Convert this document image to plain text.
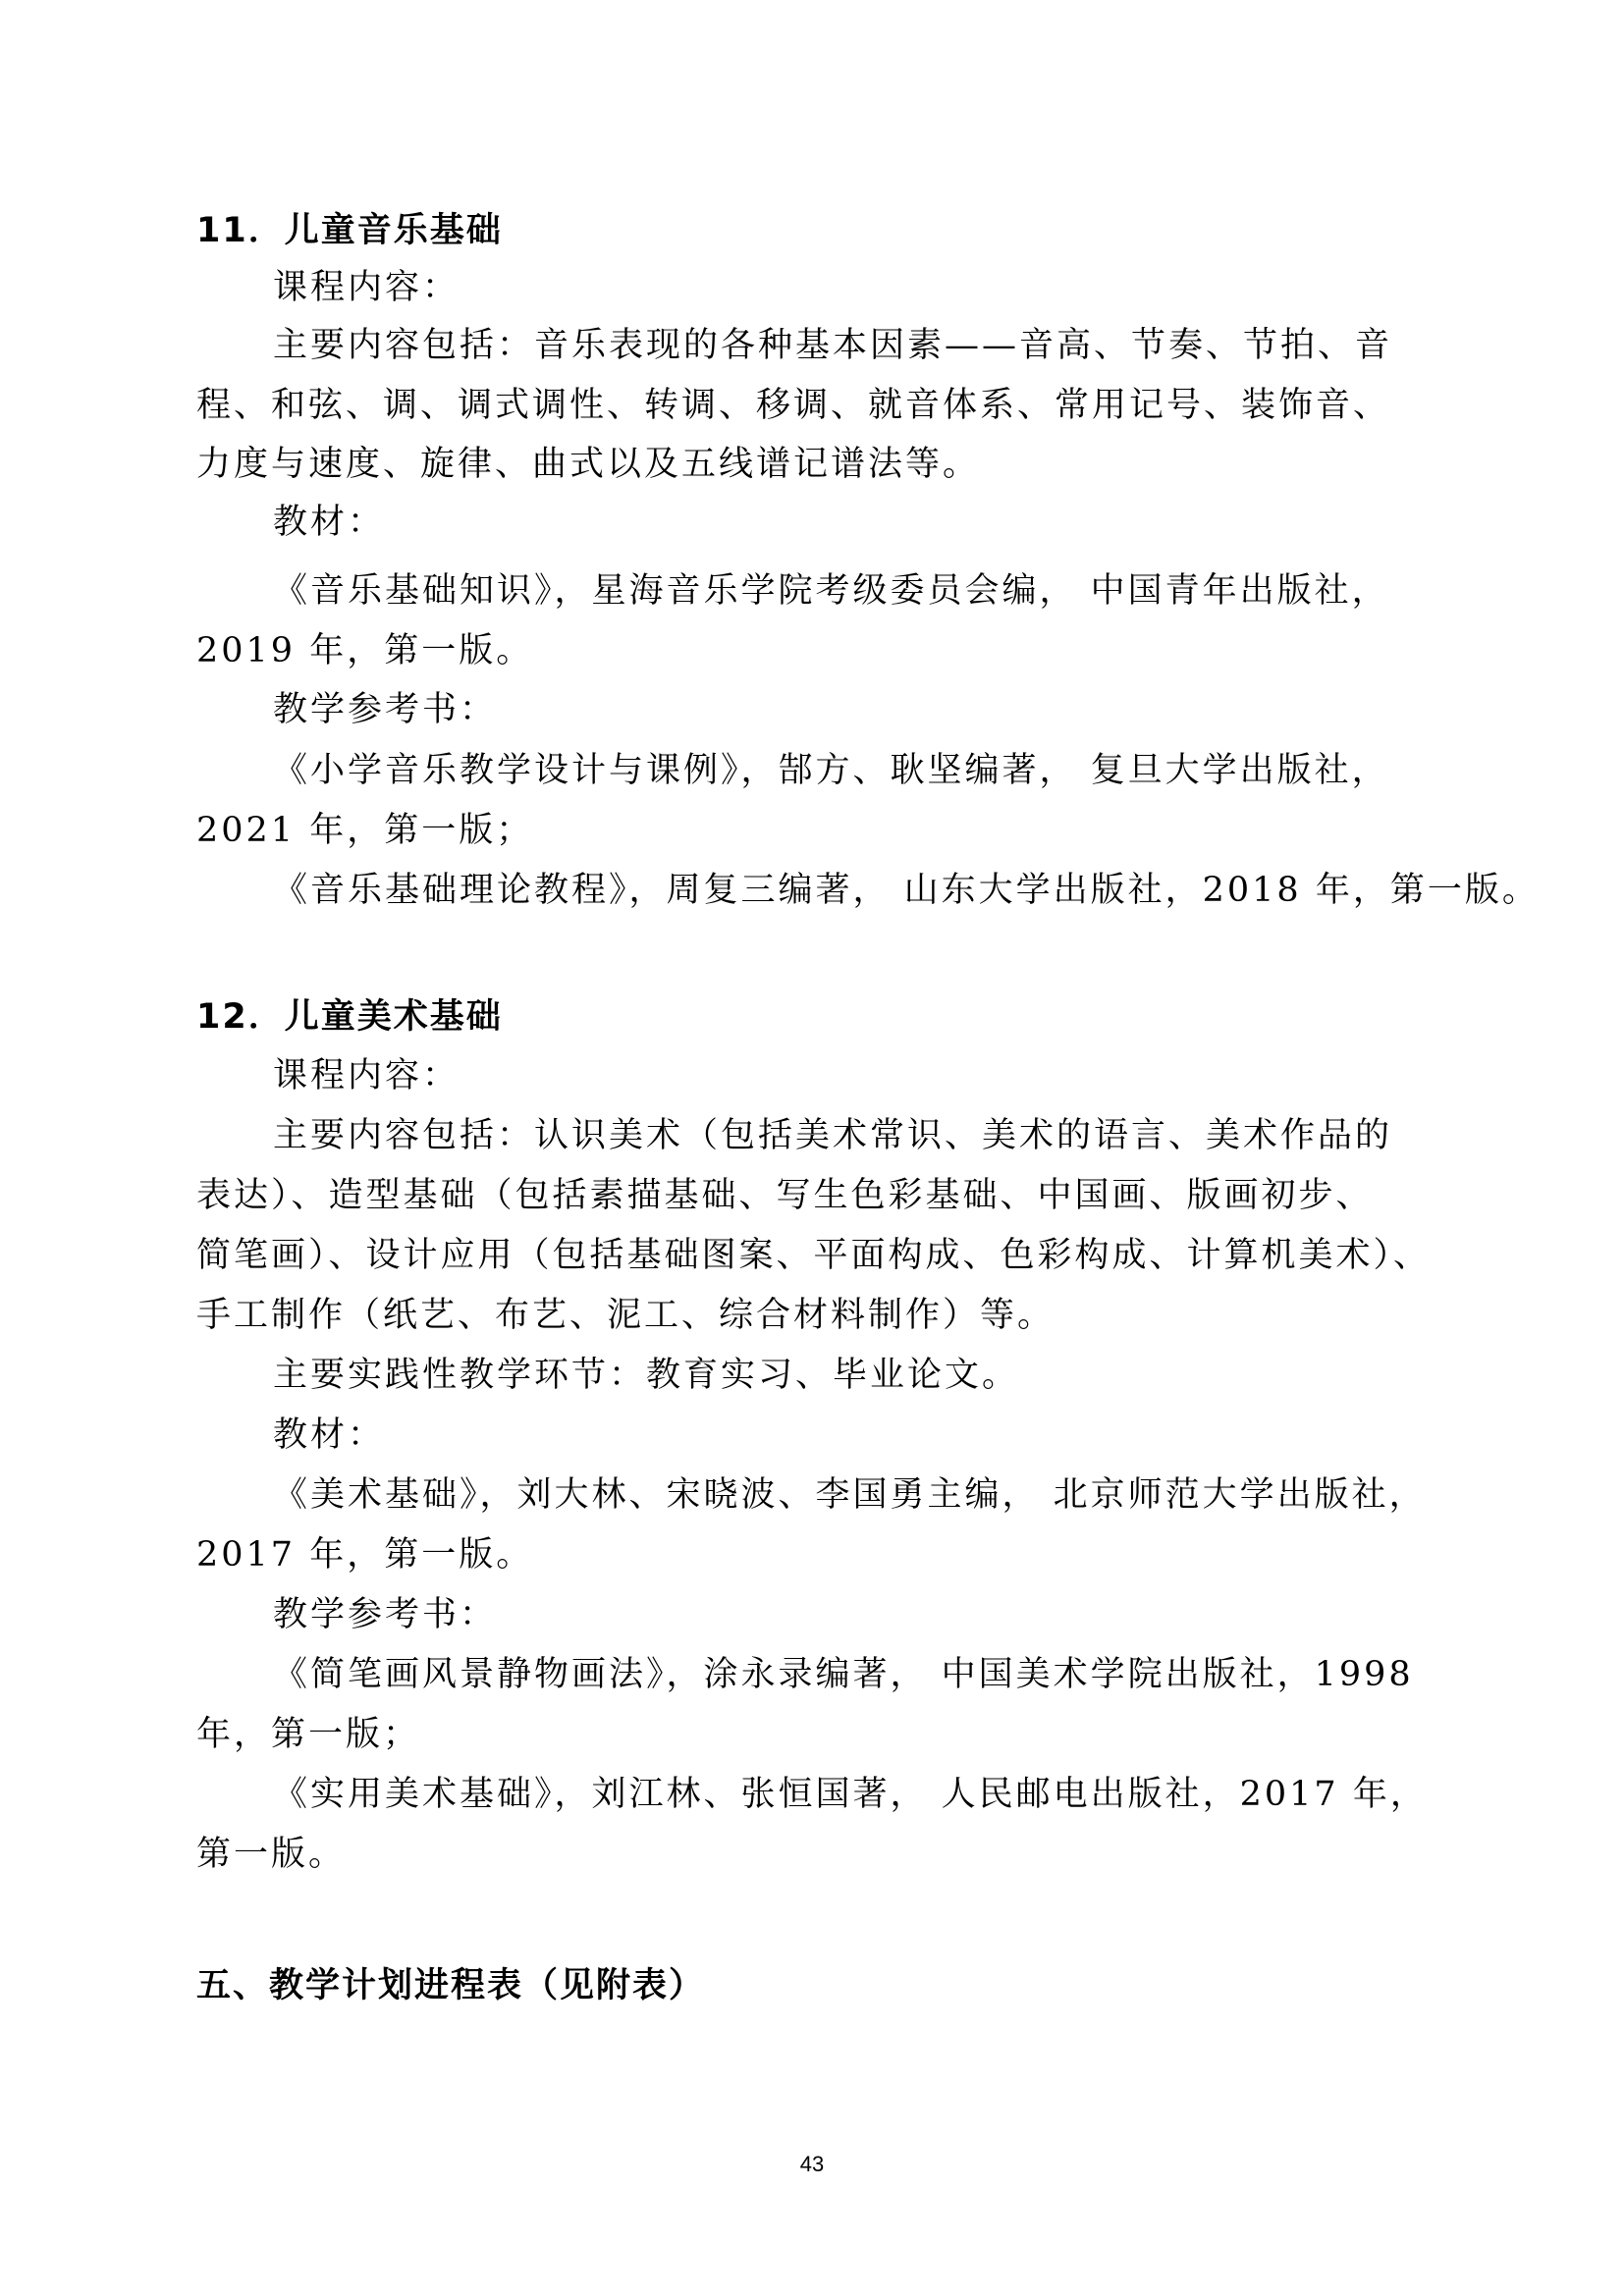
11．儿童音乐基础
课程内容：
主要内容包括：音乐表现的各种基本因素——音高、节奏、节拍、音
程、和弦、调、调式调性、转调、移调、就音体系、常用记号、装饰音、
力度与速度、旋律、曲式以及五线谱记谱法等。
教材：
《音乐基础知识》，星海音乐学院考级委员会编， 中国青年出版社，
2019 年，第一版。
教学参考书：
《小学音乐教学设计与课例》，郜方、耿坚编著， 复旦大学出版社，
2021 年，第一版；
《音乐基础理论教程》，周复三编著， 山东大学出版社，2018 年，第一版。
12．儿童美术基础
课程内容：
主要内容包括：认识美术（包括美术常识、美术的语言、美术作品的
表达）、造型基础（包括素描基础、写生色彩基础、中国画、版画初步、
简笔画）、设计应用（包括基础图案、平面构成、色彩构成、计算机美术）、
手工制作（纸艺、布艺、泥工、综合材料制作）等。
主要实践性教学环节：教育实习、毕业论文。
教材：
《美术基础》，刘大林、宋晓波、李国勇主编， 北京师范大学出版社，
2017 年，第一版。
教学参考书：
《简笔画风景静物画法》，涂永录编著， 中国美术学院出版社，1998
年，第一版；
《实用美术基础》，刘江林、张恒国著， 人民邮电出版社，2017 年，
第一版。
五、教学计划进程表（见附表）
43
